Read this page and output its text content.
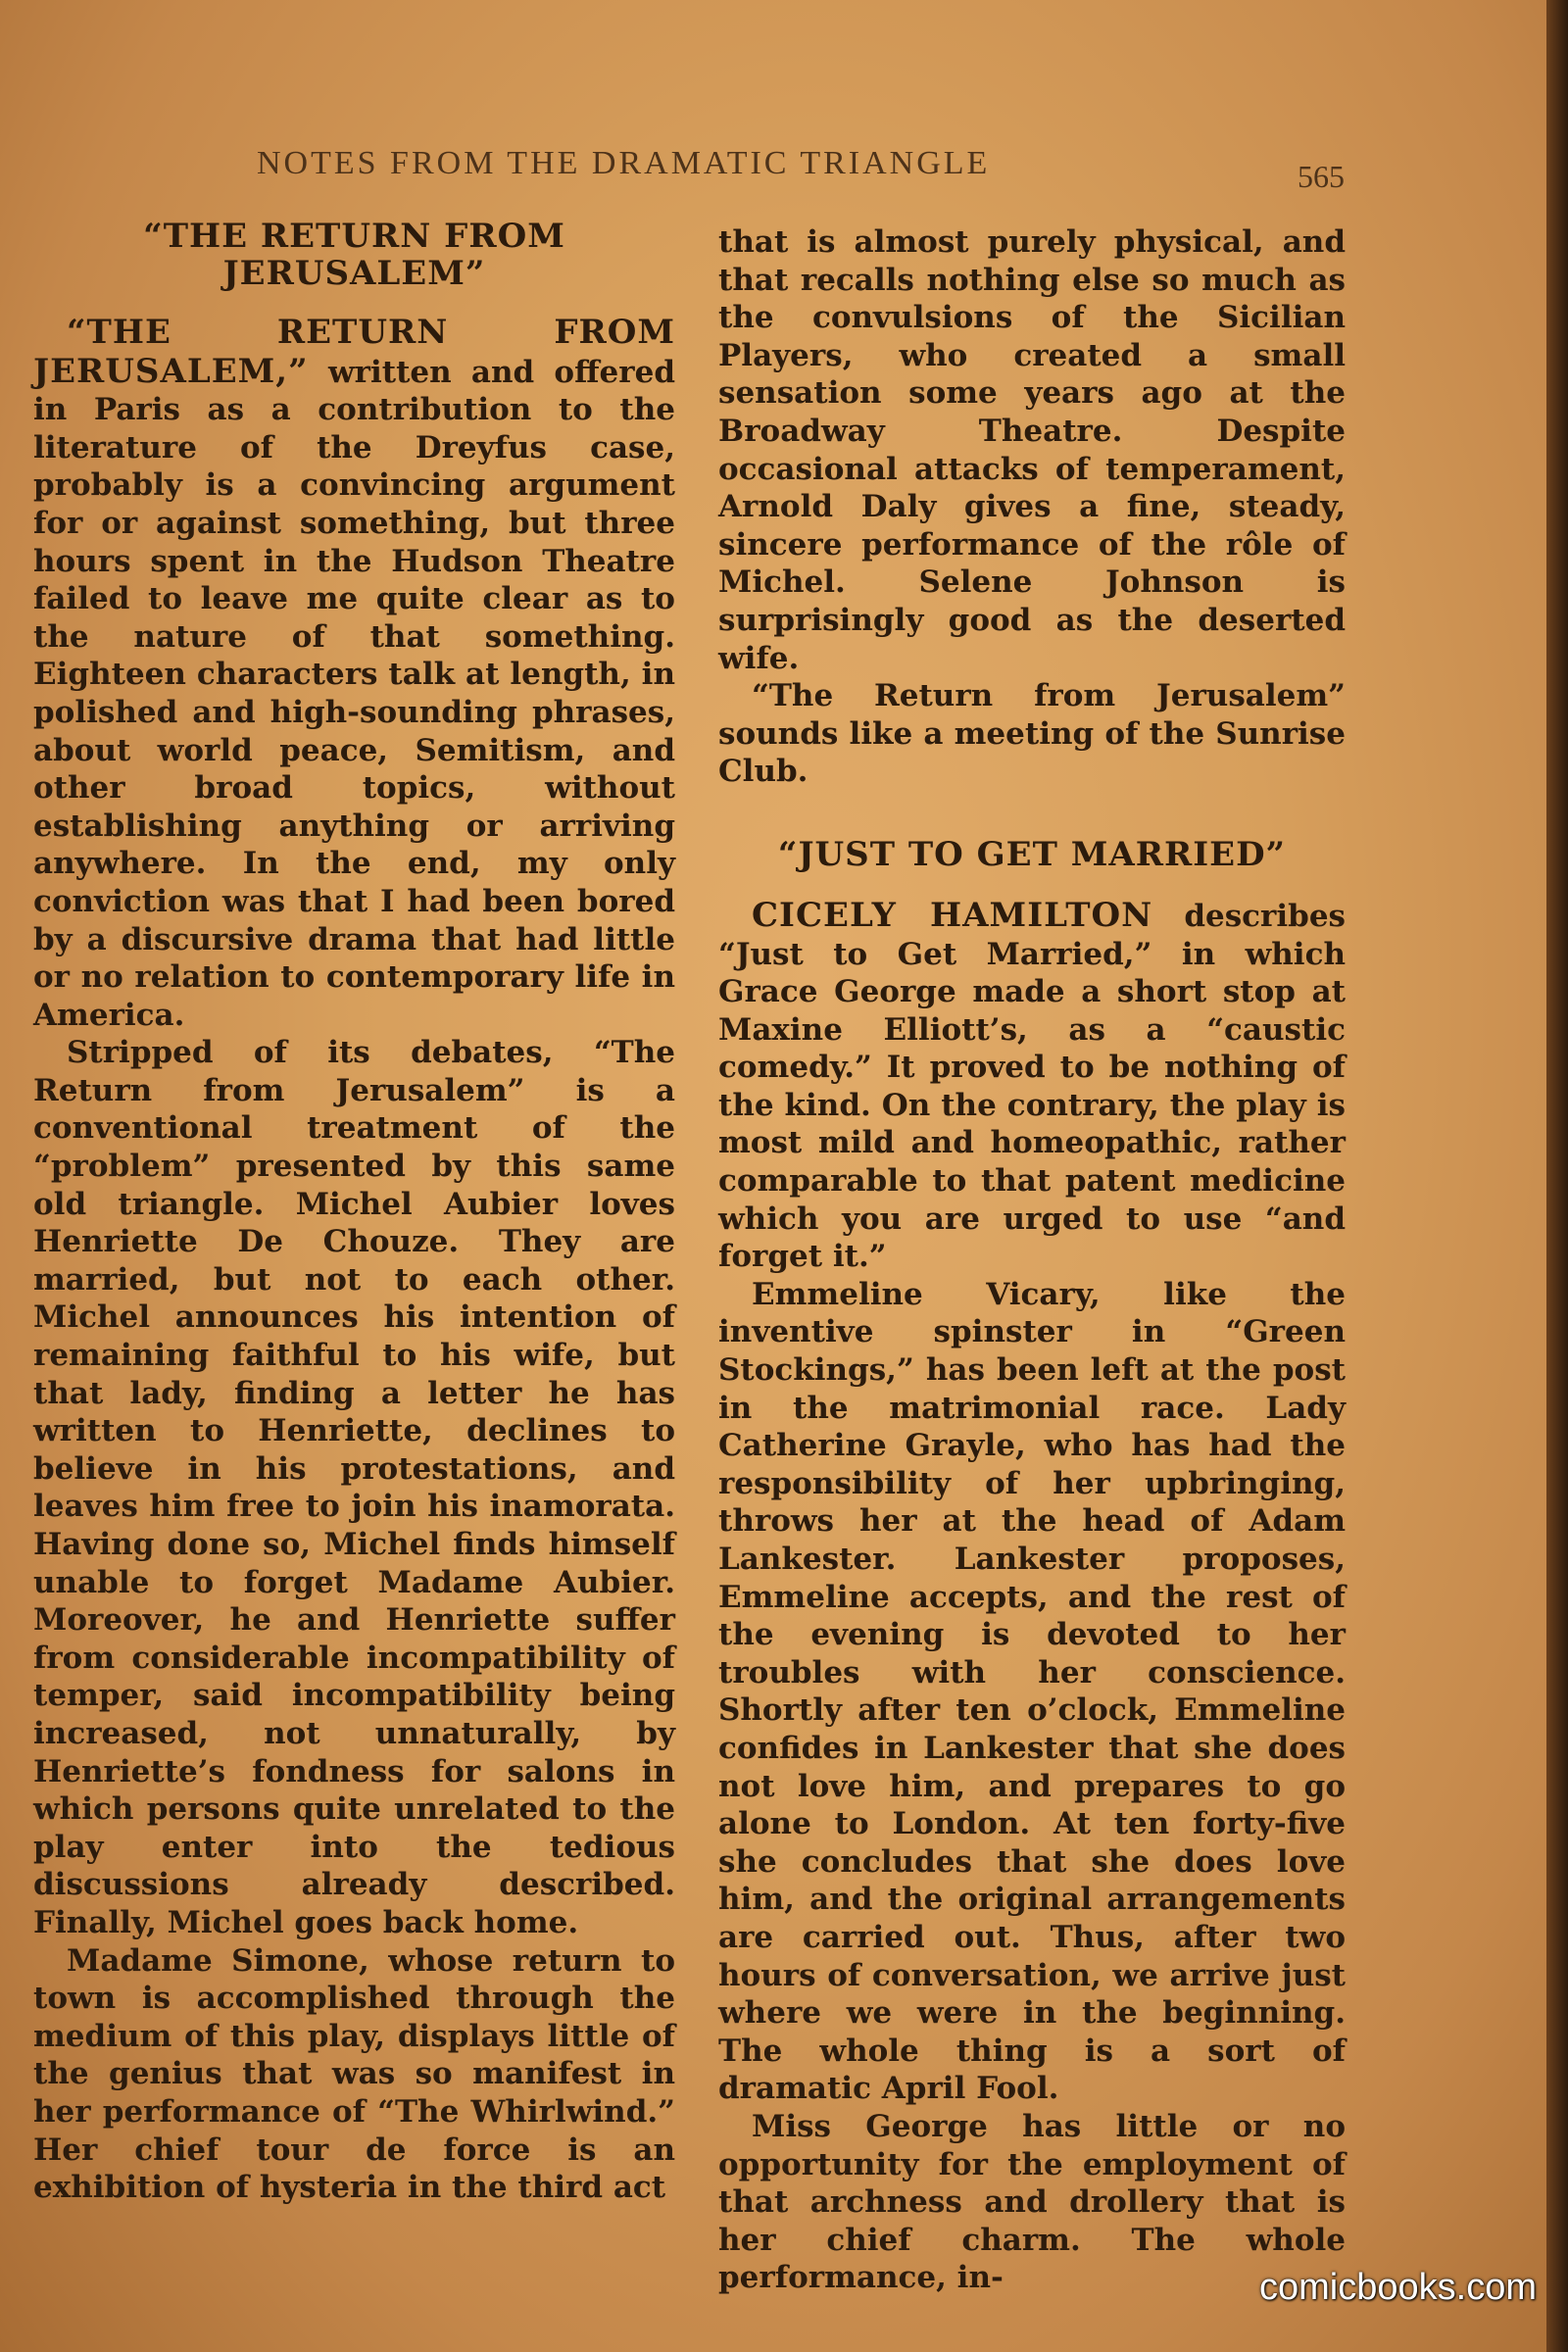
NOTES FROM THE DRAMATIC TRIANGLE	565
“THE RETURN FROM JERUSALEM”

“THE RETURN FROM JERUSALEM,” written and offered in Paris as a contribution to the literature of the Dreyfus case, probably is a convincing argument for or against something, but three hours spent in the Hudson Theatre failed to leave me quite clear as to the nature of that something. Eighteen characters talk at length, in polished and high-sounding phrases, about world peace, Semitism, and other broad topics, without establishing anything or arriving anywhere. In the end, my only conviction was that I had been bored by a discursive drama that had little or no relation to contemporary life in America.

Stripped of its debates, “The Return from Jerusalem” is a conventional treatment of the “problem” presented by this same old triangle. Michel Aubier loves Henriette De Chouze. They are married, but not to each other. Michel announces his intention of remaining faithful to his wife, but that lady, finding a letter he has written to Henriette, declines to believe in his protestations, and leaves him free to join his inamorata. Having done so, Michel finds himself unable to forget Madame Aubier. Moreover, he and Henriette suffer from considerable incompatibility of temper, said incompatibility being increased, not unnaturally, by Henriette’s fondness for salons in which persons quite unrelated to the play enter into the tedious discussions already described. Finally, Michel goes back home.

Madame Simone, whose return to town is accomplished through the medium of this play, displays little of the genius that was so manifest in her performance of “The Whirlwind.” Her chief tour de force is an exhibition of hysteria in the third act

that is almost purely physical, and that recalls nothing else so much as the convulsions of the Sicilian Players, who created a small sensation some years ago at the Broadway Theatre. Despite occasional attacks of temperament, Arnold Daly gives a fine, steady, sincere performance of the rôle of Michel. Selene Johnson is surprisingly good as the deserted wife.

“The Return from Jerusalem” sounds like a meeting of the Sunrise Club.

“JUST TO GET MARRIED”

CICELY HAMILTON describes “Just to Get Married,” in which Grace George made a short stop at Maxine Elliott’s, as a “caustic comedy.” It proved to be nothing of the kind. On the contrary, the play is most mild and homeopathic, rather comparable to that patent medicine which you are urged to use “and forget it.”

Emmeline Vicary, like the inventive spinster in “Green Stockings,” has been left at the post in the matrimonial race. Lady Catherine Grayle, who has had the responsibility of her upbringing, throws her at the head of Adam Lankester. Lankester proposes, Emmeline accepts, and the rest of the evening is devoted to her troubles with her conscience. Shortly after ten o’clock, Emmeline confides in Lankester that she does not love him, and prepares to go alone to London. At ten forty-five she concludes that she does love him, and the original arrangements are carried out. Thus, after two hours of conversation, we arrive just where we were in the beginning. The whole thing is a sort of dramatic April Fool.

Miss George has little or no opportunity for the employment of that archness and drollery that is her chief charm. The whole performance, in-	comicbooks.com
